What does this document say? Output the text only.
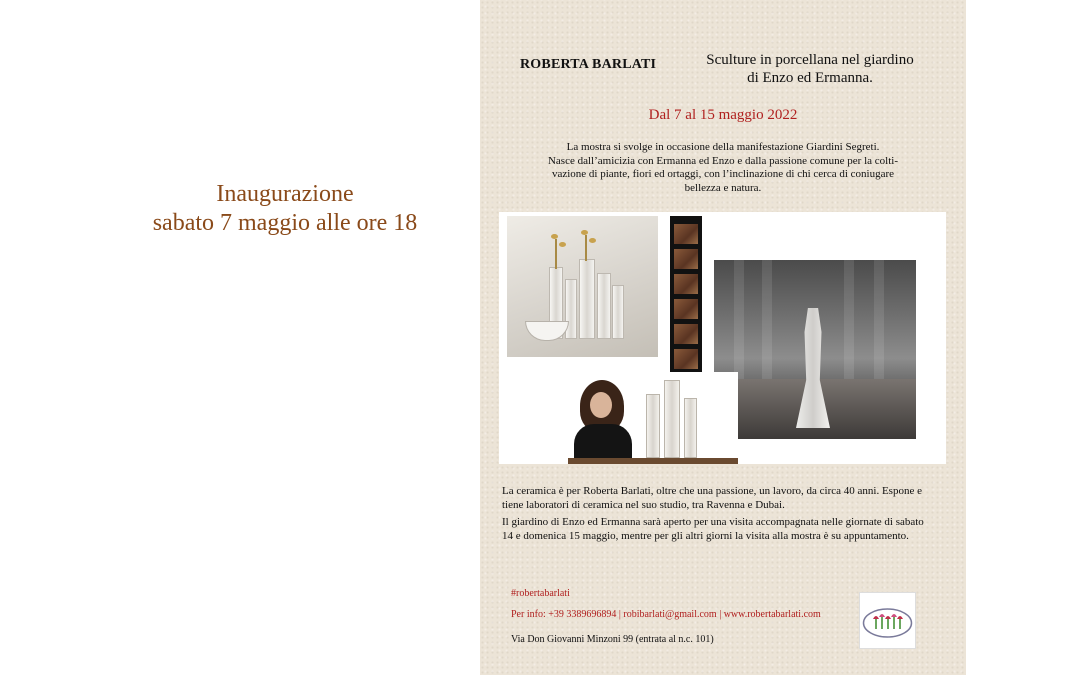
Inaugurazione
sabato 7 maggio alle ore 18
ROBERTA BARLATI	Sculture in porcellana nel giardino
di Enzo ed Ermanna.
Dal 7 al 15 maggio 2022
La mostra si svolge in occasione della manifestazione Giardini Segreti.
Nasce dall’amicizia con Ermanna ed Enzo e dalla passione comune per la colti-
vazione di piante, fiori ed ortaggi, con l’inclinazione di chi cerca di coniugare
bellezza e natura.
La ceramica è per Roberta Barlati, oltre che una passione, un lavoro, da circa 40 anni. Espone e
tiene laboratori di ceramica nel suo studio, tra Ravenna e Dubai.
Il giardino di Enzo ed Ermanna sarà aperto per una visita accompagnata nelle giornate di sabato
14 e domenica 15 maggio, mentre per gli altri giorni la visita alla mostra è su appuntamento.
#robertabarlati
Per info: +39 3389696894 | robibarlati@gmail.com | www.robertabarlati.com
Via Don Giovanni Minzoni 99 (entrata al n.c. 101)
